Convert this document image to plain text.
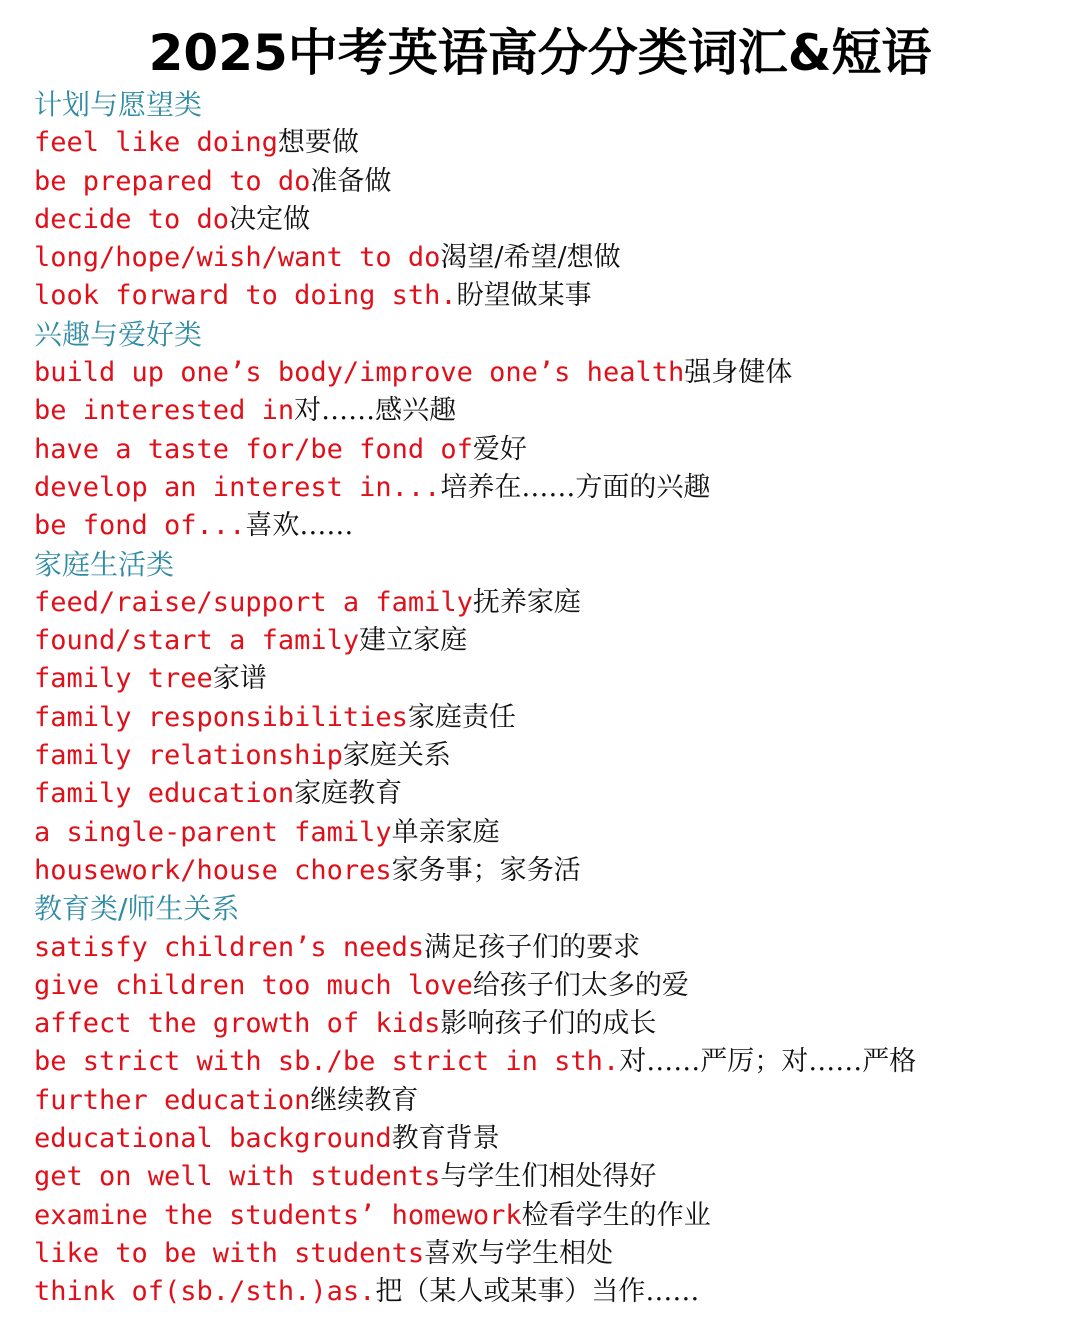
2025中考英语高分分类词汇&短语
计划与愿望类
feel like doing想要做
be prepared to do准备做
decide to do决定做
long/hope/wish/want to do渴望/希望/想做
look forward to doing sth.盼望做某事
兴趣与爱好类
build up one’s body/improve one’s health强身健体
be interested in对……感兴趣
have a taste for/be fond of爱好
develop an interest in...培养在……方面的兴趣
be fond of...喜欢……
家庭生活类
feed/raise/support a family抚养家庭
found/start a family建立家庭
family tree家谱
family responsibilities家庭责任
family relationship家庭关系
family education家庭教育
a single-parent family单亲家庭
housework/house chores家务事；家务活
教育类/师生关系
satisfy children’s needs满足孩子们的要求
give children too much love给孩子们太多的爱
affect the growth of kids影响孩子们的成长
be strict with sb./be strict in sth.对……严厉；对……严格
further education继续教育
educational background教育背景
get on well with students与学生们相处得好
examine the students’ homework检看学生的作业
like to be with students喜欢与学生相处
think of(sb./sth.)as.把（某人或某事）当作……
